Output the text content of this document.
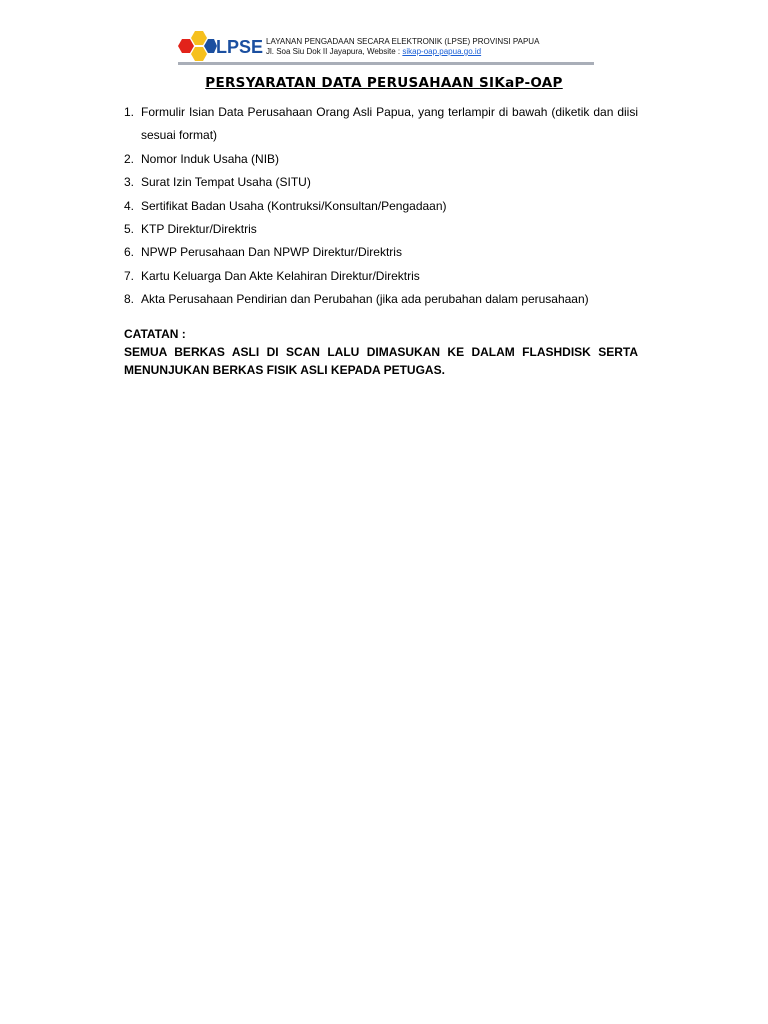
LPSE LAYANAN PENGADAAN SECARA ELEKTRONIK (LPSE) PROVINSI PAPUA
Jl. Soa Siu Dok II Jayapura, Website : sikap-oap.papua.go.id
PERSYARATAN DATA PERUSAHAAN SIKaP-OAP
1. Formulir Isian Data Perusahaan Orang Asli Papua, yang terlampir di bawah (diketik dan diisi sesuai format)
2. Nomor Induk Usaha (NIB)
3. Surat Izin Tempat Usaha (SITU)
4. Sertifikat Badan Usaha (Kontruksi/Konsultan/Pengadaan)
5. KTP Direktur/Direktris
6. NPWP Perusahaan Dan NPWP Direktur/Direktris
7. Kartu Keluarga Dan Akte Kelahiran Direktur/Direktris
8. Akta Perusahaan Pendirian dan Perubahan (jika ada perubahan dalam perusahaan)
CATATAN :
SEMUA BERKAS ASLI DI SCAN LALU DIMASUKAN KE DALAM FLASHDISK SERTA MENUNJUKAN BERKAS FISIK ASLI KEPADA PETUGAS.
